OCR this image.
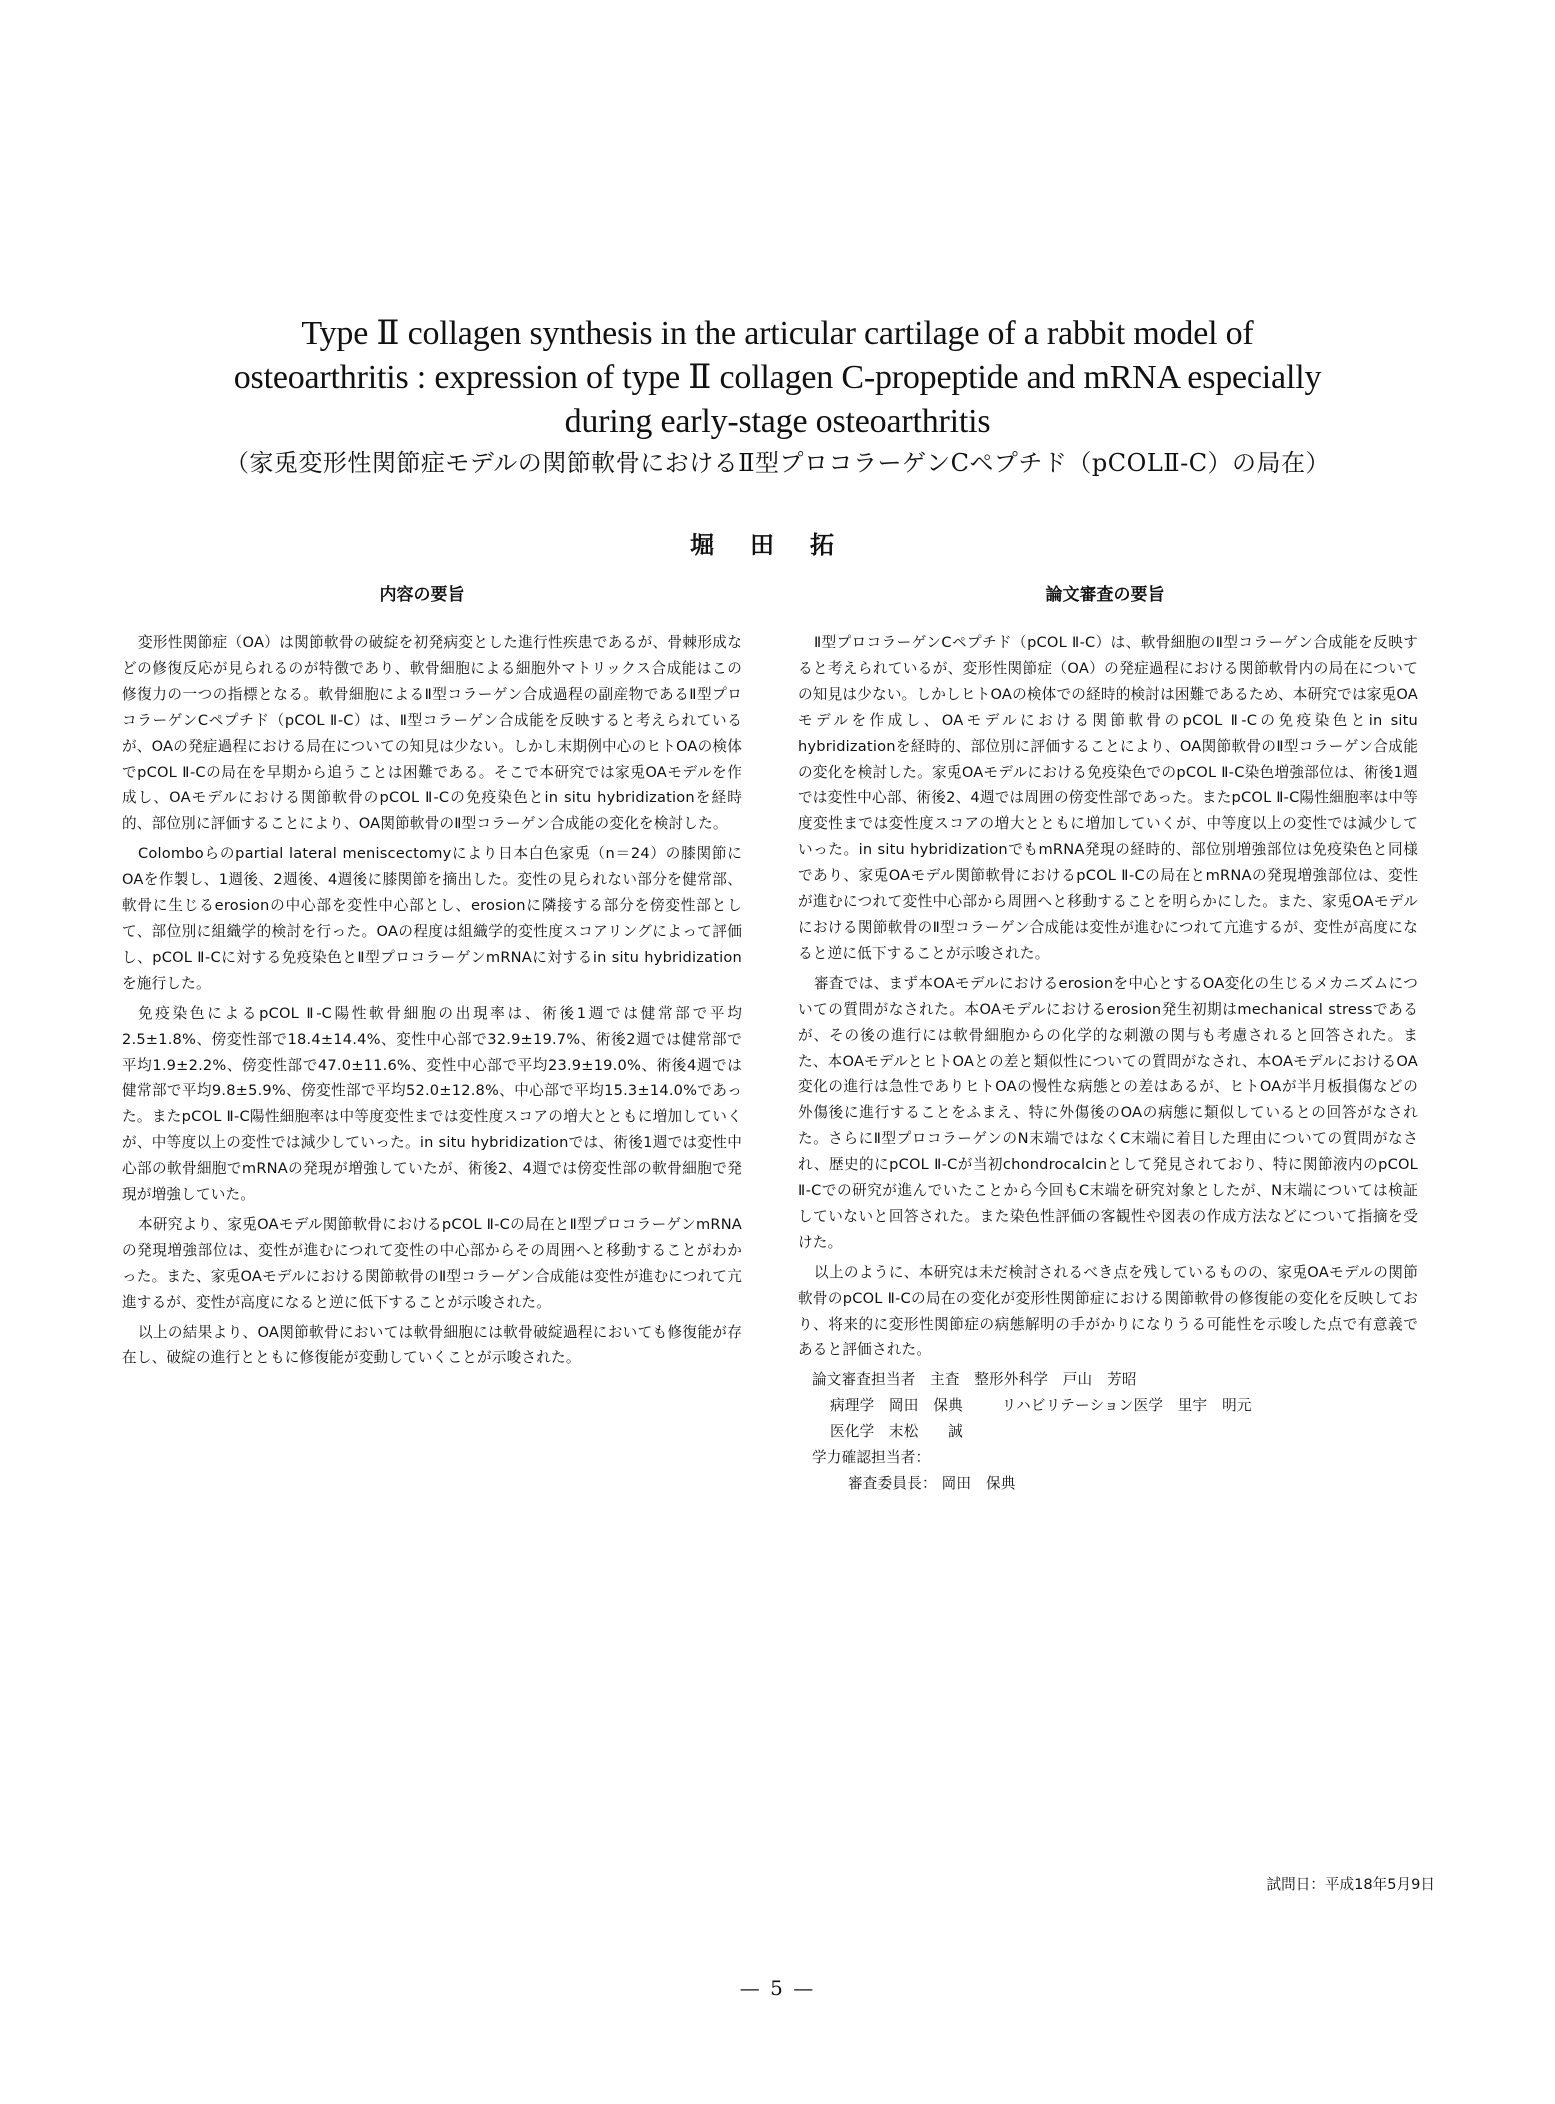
Type Ⅱ collagen synthesis in the articular cartilage of a rabbit model of
osteoarthritis : expression of type Ⅱ collagen C-propeptide and mRNA especially
during early-stage osteoarthritis
（家兎変形性関節症モデルの関節軟骨におけるⅡ型プロコラーゲンCペプチド（pCOLⅡ-C）の局在）
堀田拓
内容の要旨	論文審査の要旨

変形性関節症（OA）は関節軟骨の破綻を初発病変とした進行性疾患であるが、骨棘形成などの修復反応が見られるのが特徴であり、軟骨細胞による細胞外マトリックス合成能はこの修復力の一つの指標となる。軟骨細胞によるⅡ型コラーゲン合成過程の副産物であるⅡ型プロコラーゲンCペプチド（pCOL Ⅱ-C）は、Ⅱ型コラーゲン合成能を反映すると考えられているが、OAの発症過程における局在についての知見は少ない。しかし末期例中心のヒトOAの検体でpCOL Ⅱ-Cの局在を早期から追うことは困難である。そこで本研究では家兎OAモデルを作成し、OAモデルにおける関節軟骨のpCOL Ⅱ-Cの免疫染色とin situ hybridizationを経時的、部位別に評価することにより、OA関節軟骨のⅡ型コラーゲン合成能の変化を検討した。

Colomboらのpartial lateral meniscectomyにより日本白色家兎（n＝24）の膝関節にOAを作製し、1週後、2週後、4週後に膝関節を摘出した。変性の見られない部分を健常部、軟骨に生じるerosionの中心部を変性中心部とし、erosionに隣接する部分を傍変性部として、部位別に組織学的検討を行った。OAの程度は組織学的変性度スコアリングによって評価し、pCOL Ⅱ-Cに対する免疫染色とⅡ型プロコラーゲンmRNAに対するin situ hybridizationを施行した。

免疫染色によるpCOL Ⅱ-C陽性軟骨細胞の出現率は、術後1週では健常部で平均2.5±1.8%、傍変性部で18.4±14.4%、変性中心部で32.9±19.7%、術後2週では健常部で平均1.9±2.2%、傍変性部で47.0±11.6%、変性中心部で平均23.9±19.0%、術後4週では健常部で平均9.8±5.9%、傍変性部で平均52.0±12.8%、中心部で平均15.3±14.0%であった。またpCOL Ⅱ-C陽性細胞率は中等度変性までは変性度スコアの増大とともに増加していくが、中等度以上の変性では減少していった。in situ hybridizationでは、術後1週では変性中心部の軟骨細胞でmRNAの発現が増強していたが、術後2、4週では傍変性部の軟骨細胞で発現が増強していた。

本研究より、家兎OAモデル関節軟骨におけるpCOL Ⅱ-Cの局在とⅡ型プロコラーゲンmRNAの発現増強部位は、変性が進むにつれて変性の中心部からその周囲へと移動することがわかった。また、家兎OAモデルにおける関節軟骨のⅡ型コラーゲン合成能は変性が進むにつれて亢進するが、変性が高度になると逆に低下することが示唆された。

以上の結果より、OA関節軟骨においては軟骨細胞には軟骨破綻過程においても修復能が存在し、破綻の進行とともに修復能が変動していくことが示唆された。

Ⅱ型プロコラーゲンCペプチド（pCOL Ⅱ-C）は、軟骨細胞のⅡ型コラーゲン合成能を反映すると考えられているが、変形性関節症（OA）の発症過程における関節軟骨内の局在についての知見は少ない。しかしヒトOAの検体での経時的検討は困難であるため、本研究では家兎OAモデルを作成し、OAモデルにおける関節軟骨のpCOL Ⅱ-Cの免疫染色とin situ hybridizationを経時的、部位別に評価することにより、OA関節軟骨のⅡ型コラーゲン合成能の変化を検討した。家兎OAモデルにおける免疫染色でのpCOL Ⅱ-C染色増強部位は、術後1週では変性中心部、術後2、4週では周囲の傍変性部であった。またpCOL Ⅱ-C陽性細胞率は中等度変性までは変性度スコアの増大とともに増加していくが、中等度以上の変性では減少していった。in situ hybridizationでもmRNA発現の経時的、部位別増強部位は免疫染色と同様であり、家兎OAモデル関節軟骨におけるpCOL Ⅱ-Cの局在とmRNAの発現増強部位は、変性が進むにつれて変性中心部から周囲へと移動することを明らかにした。また、家兎OAモデルにおける関節軟骨のⅡ型コラーゲン合成能は変性が進むにつれて亢進するが、変性が高度になると逆に低下することが示唆された。

審査では、まず本OAモデルにおけるerosionを中心とするOA変化の生じるメカニズムについての質問がなされた。本OAモデルにおけるerosion発生初期はmechanical stressであるが、その後の進行には軟骨細胞からの化学的な刺激の関与も考慮されると回答された。また、本OAモデルとヒトOAとの差と類似性についての質問がなされ、本OAモデルにおけるOA変化の進行は急性でありヒトOAの慢性な病態との差はあるが、ヒトOAが半月板損傷などの外傷後に進行することをふまえ、特に外傷後のOAの病態に類似しているとの回答がなされた。さらにⅡ型プロコラーゲンのN末端ではなくC末端に着目した理由についての質問がなされ、歴史的にpCOL Ⅱ-Cが当初chondrocalcinとして発見されており、特に関節液内のpCOL Ⅱ-Cでの研究が進んでいたことから今回もC末端を研究対象としたが、N末端については検証していないと回答された。また染色性評価の客観性や図表の作成方法などについて指摘を受けた。

以上のように、本研究は未だ検討されるべき点を残しているものの、家兎OAモデルの関節軟骨のpCOL Ⅱ-Cの局在の変化が変形性関節症における関節軟骨の修復能の変化を反映しており、将来的に変形性関節症の病態解明の手がかりになりうる可能性を示唆した点で有意義であると評価された。

論文審査担当者 主査 整形外科学 戸山　芳昭
病理学 岡田　保典	リハビリテーション医学 里宇　明元
医化学 末松　　誠
学力確認担当者：
審査委員長： 岡田　保典
試問日：平成18年5月9日
— 5 —
